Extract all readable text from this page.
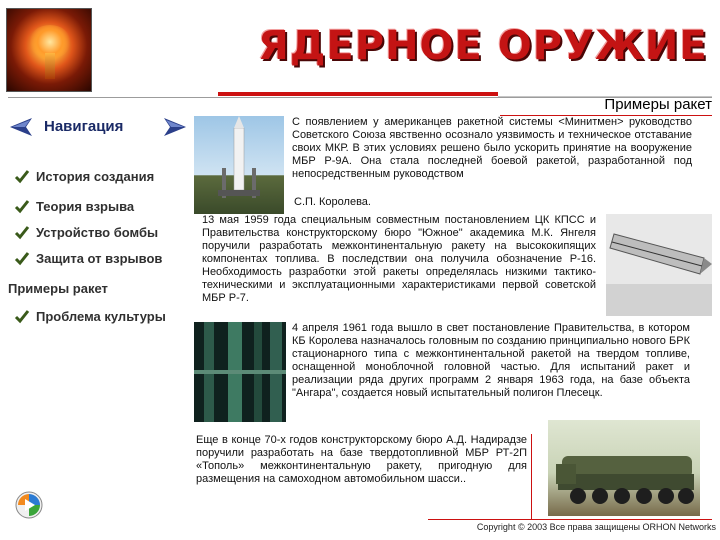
ЯДЕРНОЕ ОРУЖИЕ
Примеры ракет
Навигация
История создания
Теория взрыва
Устройство бомбы
Защита от взрывов
Примеры ракет
Проблема культуры
С появлением у американцев ракетной системы <Минитмен> руководство Советского Союза явственно осознало уязвимость и техническое отставание своих МКР. В этих условиях решено было ускорить принятие на вооружение МБР Р-9А. Она стала последней боевой ракетой, разработанной под непосредственным руководством
С.П. Королева.
13 мая 1959 года специальным совместным постановлением ЦК КПСС и Правительства конструкторскому бюро "Южное" академика М.К. Янгеля поручили разработать межконтинентальную ракету на высококипящих компонентах топлива. В последствии она получила обозначение Р-16. Необходимость разработки этой ракеты определялась низкими тактико-техническими и эксплуатационными характеристиками первой советской МБР Р-7.
4 апреля 1961 года вышло в свет постановление Правительства, в котором КБ Королева назначалось головным по созданию принципиально нового БРК стационарного типа с межконтинентальной ракетой на твердом топливе, оснащенной моноблочной головной частью. Для испытаний ракет и реализации ряда других программ 2 января 1963 года, на базе объекта "Ангара", создается новый испытательный полигон Плесецк.
Еще в конце 70-х годов конструкторскому бюро А.Д. Надирадзе поручили разработать на базе твердотопливной МБР РТ-2П «Тополь» межконтинентальную ракету, пригодную для размещения на самоходном автомобильном шасси..
Copyright © 2003 Все права защищены ORHON Networks
